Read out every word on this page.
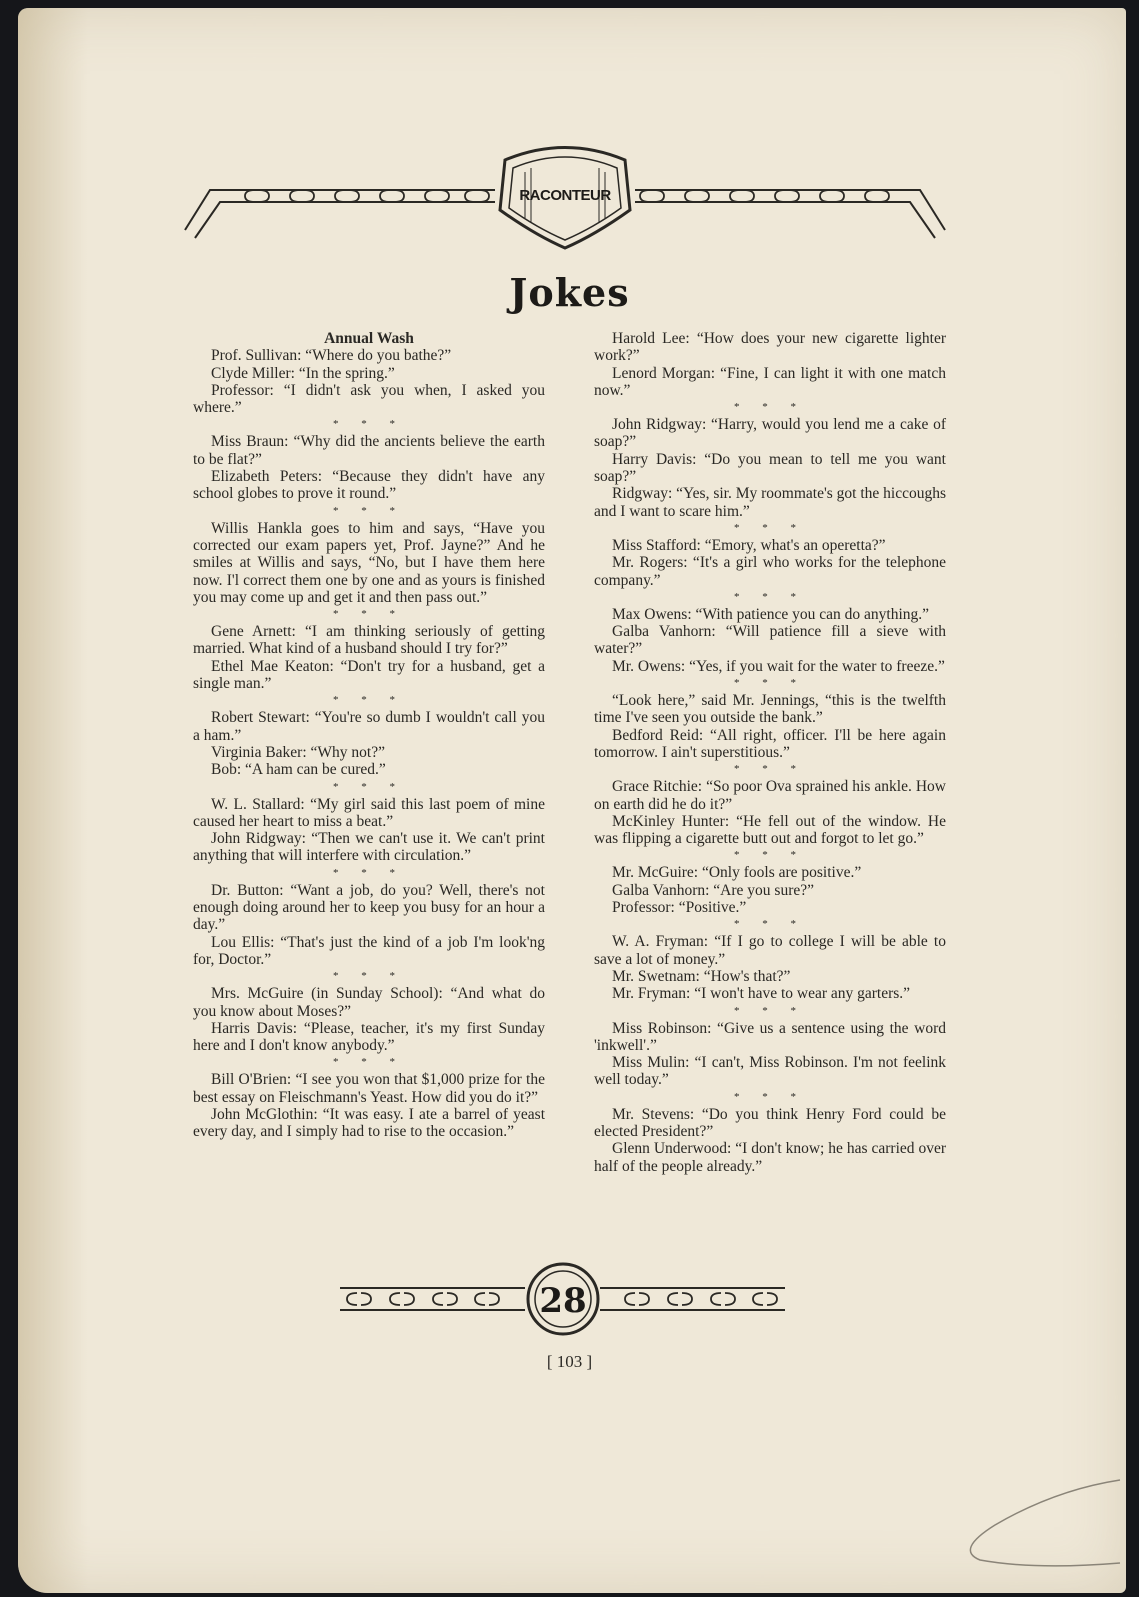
RACONTEUR
Jokes
Annual Wash

Prof. Sullivan: “Where do you bathe?”

Clyde Miller: “In the spring.”

Professor: “I didn't ask you when, I asked you where.”

* * *

Miss Braun: “Why did the ancients believe the earth to be flat?”

Elizabeth Peters: “Because they didn't have any school globes to prove it round.”

* * *

Willis Hankla goes to him and says, “Have you corrected our exam papers yet, Prof. Jayne?” And he smiles at Willis and says, “No, but I have them here now. I'l correct them one by one and as yours is finished you may come up and get it and then pass out.”

* * *

Gene Arnett: “I am thinking seriously of getting married. What kind of a husband should I try for?”

Ethel Mae Keaton: “Don't try for a husband, get a single man.”

* * *

Robert Stewart: “You're so dumb I wouldn't call you a ham.”

Virginia Baker: “Why not?”

Bob: “A ham can be cured.”

* * *

W. L. Stallard: “My girl said this last poem of mine caused her heart to miss a beat.”

John Ridgway: “Then we can't use it. We can't print anything that will interfere with circulation.”

* * *

Dr. Button: “Want a job, do you? Well, there's not enough doing around her to keep you busy for an hour a day.”

Lou Ellis: “That's just the kind of a job I'm look'ng for, Doctor.”

* * *

Mrs. McGuire (in Sunday School): “And what do you know about Moses?”

Harris Davis: “Please, teacher, it's my first Sunday here and I don't know anybody.”

* * *

Bill O'Brien: “I see you won that $1,000 prize for the best essay on Fleischmann's Yeast. How did you do it?”

John McGlothin: “It was easy. I ate a barrel of yeast every day, and I simply had to rise to the occasion.”

Harold Lee: “How does your new cigarette lighter work?”

Lenord Morgan: “Fine, I can light it with one match now.”

* * *

John Ridgway: “Harry, would you lend me a cake of soap?”

Harry Davis: “Do you mean to tell me you want soap?”

Ridgway: “Yes, sir. My roommate's got the hiccoughs and I want to scare him.”

* * *

Miss Stafford: “Emory, what's an operetta?”

Mr. Rogers: “It's a girl who works for the telephone company.”

* * *

Max Owens: “With patience you can do anything.”

Galba Vanhorn: “Will patience fill a sieve with water?”

Mr. Owens: “Yes, if you wait for the water to freeze.”

* * *

“Look here,” said Mr. Jennings, “this is the twelfth time I've seen you outside the bank.”

Bedford Reid: “All right, officer. I'll be here again tomorrow. I ain't superstitious.”

* * *

Grace Ritchie: “So poor Ova sprained his ankle. How on earth did he do it?”

McKinley Hunter: “He fell out of the window. He was flipping a cigarette butt out and forgot to let go.”

* * *

Mr. McGuire: “Only fools are positive.”

Galba Vanhorn: “Are you sure?”

Professor: “Positive.”

* * *

W. A. Fryman: “If I go to college I will be able to save a lot of money.”

Mr. Swetnam: “How's that?”

Mr. Fryman: “I won't have to wear any garters.”

* * *

Miss Robinson: “Give us a sentence using the word 'inkwell'.”

Miss Mulin: “I can't, Miss Robinson. I'm not feelink well today.”

* * *

Mr. Stevens: “Do you think Henry Ford could be elected President?”

Glenn Underwood: “I don't know; he has carried over half of the people already.”

28
[ 103 ]
